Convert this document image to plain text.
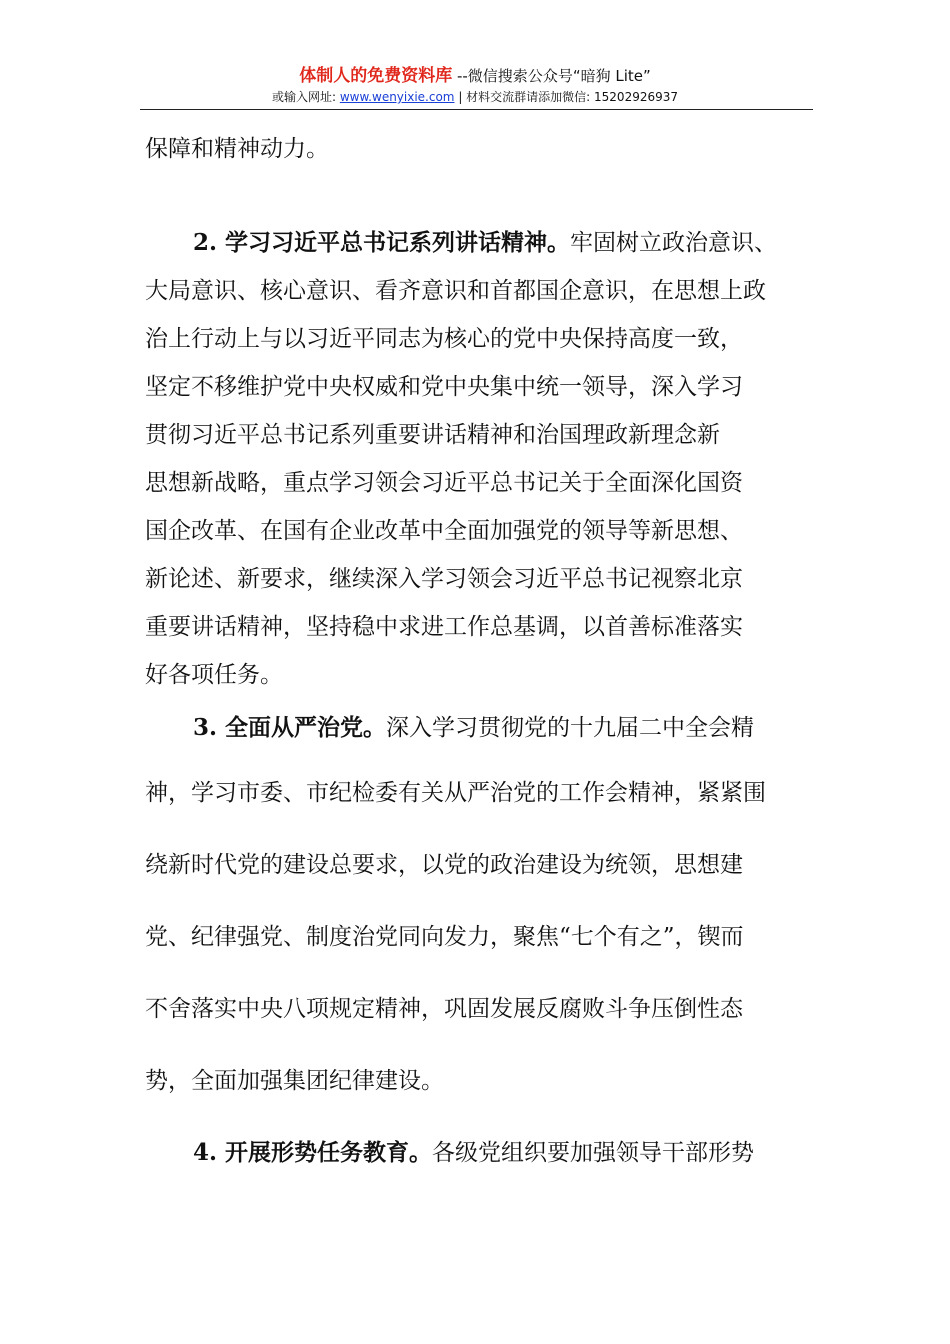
体制人的免费资料库 --微信搜索公众号“暗狗 Lite”
或输入网址: www.wenyixie.com | 材料交流群请添加微信: 15202926937
保障和精神动力。
2. 学习习近平总书记系列讲话精神。牢固树立政治意识、
大局意识、核心意识、看齐意识和首都国企意识，在思想上政
治上行动上与以习近平同志为核心的党中央保持高度一致，
坚定不移维护党中央权威和党中央集中统一领导，深入学习
贯彻习近平总书记系列重要讲话精神和治国理政新理念新
思想新战略，重点学习领会习近平总书记关于全面深化国资
国企改革、在国有企业改革中全面加强党的领导等新思想、
新论述、新要求，继续深入学习领会习近平总书记视察北京
重要讲话精神，坚持稳中求进工作总基调，以首善标准落实
好各项任务。
3. 全面从严治党。深入学习贯彻党的十九届二中全会精
神，学习市委、市纪检委有关从严治党的工作会精神，紧紧围
绕新时代党的建设总要求，以党的政治建设为统领，思想建
党、纪律强党、制度治党同向发力，聚焦“七个有之”，锲而
不舍落实中央八项规定精神，巩固发展反腐败斗争压倒性态
势，全面加强集团纪律建设。
4. 开展形势任务教育。各级党组织要加强领导干部形势
